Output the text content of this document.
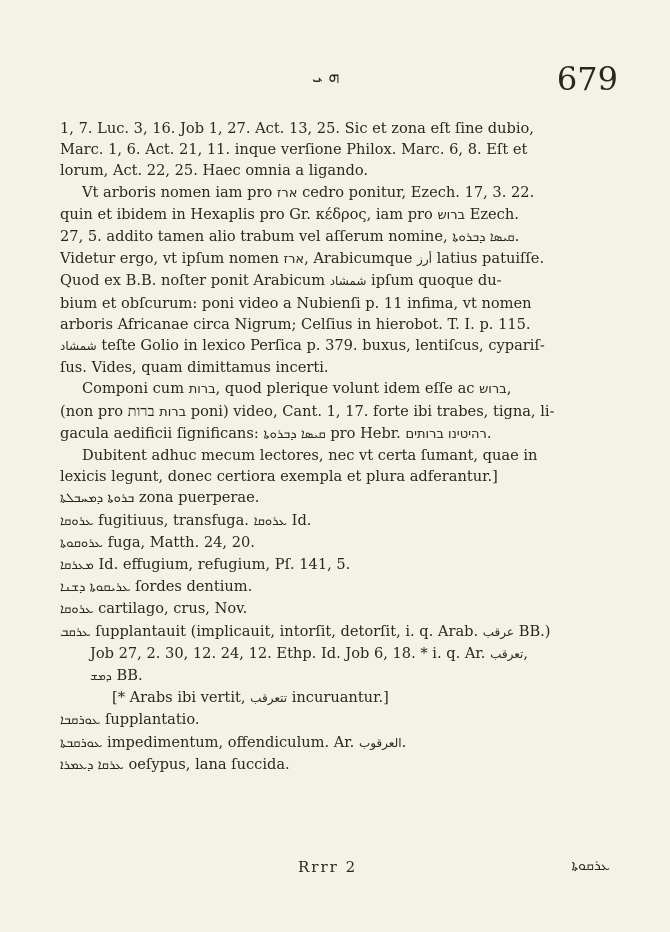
ܗ ܝ	679
1, 7. Luc. 3, 16. Job 1, 27. Act. 13, 25. Sic et zona eſt ſine dubio,
Marc. 1, 6. Act. 21, 11. inque verſione Philox. Marc. 6, 8. Eſt et
lorum, Act. 22, 25. Haec omnia a ligando.
Vt arboris nomen iam pro ארז cedro ponitur, Ezech. 17, 3. 22.
quin et ibidem in Hexaplis pro Gr. κέδρος, iam pro ברוש Ezech.
27, 5. addito tamen alio trabum vel aſſerum nomine, ܩܝܣܐ ܕܒܪܘܬܐ.
Videtur ergo, vt ipſum nomen ארז, Arabicumque أرز latius patuiſſe.
Quod ex B.B. noſter ponit Arabicum شمشاد ipſum quoque du-
bium et obſcurum: poni video a Nubienſi p. 11 infima, vt nomen
arboris Africanae circa Nigrum; Celſius in hierobot. T. I. p. 115.
شمشاد teſte Golio in lexico Perſica p. 379. buxus, lentiſcus, cypariſ-
ſus. Vides, quam dimittamus incerti.
Componi cum ברות, quod plerique volunt idem eſſe ac ברוש,
(non pro ברות ברות poni) video, Cant. 1, 17. forte ibi trabes, tigna, li-
gacula aedificii ſignificans: ܩܝܣܐ ܕܒܪܘܬܐ pro Hebr. רהיטינו ברותים.
Dubitent adhuc mecum lectores, nec vt certa ſumant, quae in
lexicis legunt, donec certiora exempla et plura adferantur.]
ܒܪܘܬܐ ܕܡܚܒܠܬܐ zona puerperae.
ܥܪܘܩܐ fugitiuus, transfuga. ܥܪܘܩܐ Id.
ܥܪܘܩܘܬܐ fuga, Matth. 24, 20.
ܡܥܪܩܐ Id. effugium, refugium, Pſ. 141, 5.
ܥܪܝܩܘܬܐ ܕܫܢܐ ſordes dentium.
ܥܪܘܩܐ cartilago, crus, Nov.
ܥܪܩܒ ſupplantauit (implicauit, intorſit, detorſit, i. q. Arab. عرقب BB.)
Job 27, 2. 30, 12. 24, 12. Ethp. Id. Job 6, 18. * i. q. Ar. تعرقب,
ܕܡܫ BB.
[* Arabs ibi vertit, تتعرقب incuruantur.]
ܥܘܪܩܒܐ ſupplantatio.
ܥܘܪܩܒܬܐ impedimentum, offendiculum. Ar. العرقوب.
ܥܪܩܐ ܕܥܡܪܐ oeſypus, lana ſuccida.
Rrrr 2	ܥܪܩܘܬܐ
